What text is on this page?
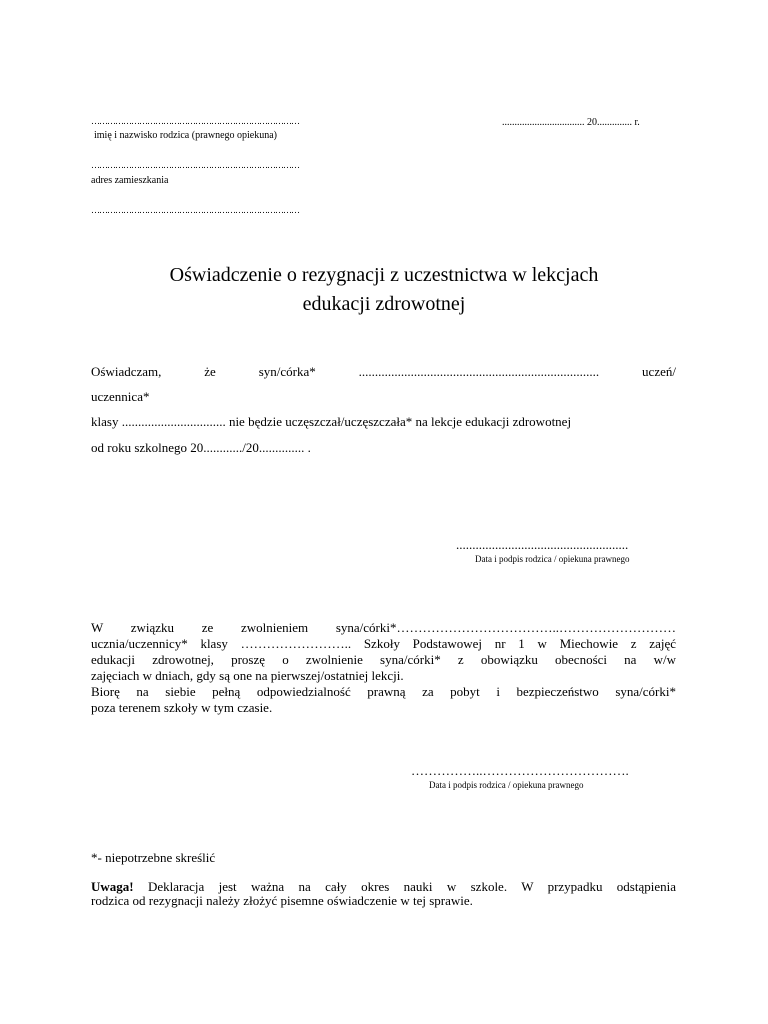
……………………………………………………………………
imię i nazwisko rodzica (prawnego opiekuna)
……………………………………………………………………
adres zamieszkania
……………………………………………………………………
................................. 20.............. r.
Oświadczenie o rezygnacji z uczestnictwa w lekcjach
edukacji zdrowotnej
Oświadczam,	że	syn/córka*	..........................................................................	uczeń/
uczennica*
klasy ................................ nie będzie uczęszczał/uczęszczała* na lekcje edukacji zdrowotnej
od roku szkolnego 20............/20.............. .
.....................................................
Data i podpis rodzica / opiekuna prawnego
W związku ze zwolnieniem syna/córki*………………………………..………………………
ucznia/uczennicy* klasy …………………….. Szkoły Podstawowej nr 1 w Miechowie z zajęć
edukacji zdrowotnej, proszę o zwolnienie syna/córki* z obowiązku obecności na w/w
zajęciach w dniach, gdy są one na pierwszej/ostatniej lekcji.
Biorę na siebie pełną odpowiedzialność prawną za pobyt i bezpieczeństwo syna/córki*
poza terenem szkoły w tym czasie.
……………..…………………………….
Data i podpis rodzica / opiekuna prawnego
*- niepotrzebne skreślić
Uwaga! Deklaracja jest ważna na cały okres nauki w szkole. W przypadku odstąpienia
rodzica od rezygnacji należy złożyć pisemne oświadczenie w tej sprawie.
